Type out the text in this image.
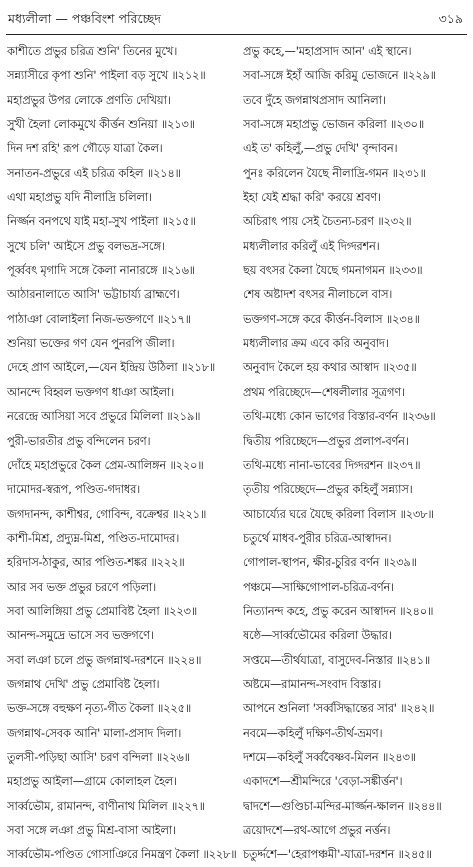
মধ্যলীলা — পঞ্চবিংশ পরিচ্ছেদ	৩১৯
কাশীতে প্রভুর চরিত্র শুনি' তিনের মুখে।
সন্ন্যাসীরে কৃপা শুনি' পাইলা বড় সুখে ॥২১২॥
মহাপ্রভুর উপর লোকে প্রণতি দেখিয়া।
সুখী হৈলা লোকমুখে কীর্ত্তন শুনিয়া ॥২১৩॥
দিন দশ রহি' রূপ গৌড়ে যাত্রা কৈল।
সনাতন-প্রভুরে এই চরিত্র কহিল ॥২১৪॥
এথা মহাপ্রভু যদি নীলাদ্রি চলিলা।
নির্জ্জন বনপথে যাই মহা-সুখ পাইলা ॥২১৫॥
সুখে চলি' আইসে প্রভু বলভদ্র-সঙ্গে।
পূর্ব্ববৎ মৃগাদি সঙ্গে কৈলা নানারঙ্গে ॥২১৬॥
আঠারনালাতে আসি' ভট্টাচার্য্য ব্রাহ্মণে।
পাঠাঞা বোলাইলা নিজ-ভক্তগণে ॥২১৭॥
শুনিয়া ভক্তের গণ যেন পুনরপি জীলা।
দেহে প্রাণ আইলে,—যেন ইন্দ্রিয় উঠিলা ॥২১৮॥
আনন্দে বিহ্বল ভক্তগণ ধাঞা আইলা।
নরেন্দ্রে আসিয়া সবে প্রভুরে মিলিলা ॥২১৯॥
পুরী-ভারতীর প্রভু বন্দিলেন চরণ।
দোঁহে মহাপ্রভুরে কৈল প্রেম-আলিঙ্গন ॥২২০॥
দামোদর-স্বরূপ, পণ্ডিত-গদাধর।
জগদানন্দ, কাশীশ্বর, গোবিন্দ, বক্রেশ্বর ॥২২১॥
কাশী-মিশ্র, প্রদ্যুম্ন-মিশ্র, পণ্ডিত-দামোদর।
হরিদাস-ঠাকুর, আর পণ্ডিত-শঙ্কর ॥২২২॥
আর সব ভক্ত প্রভুর চরণে পড়িলা।
সবা আলিঙ্গিয়া প্রভু প্রেমাবিষ্ট হৈলা ॥২২৩॥
আনন্দ-সমুদ্রে ভাসে সব ভক্তগণে।
সবা লঞা চলে প্রভু জগন্নাথ-দরশনে ॥২২৪॥
জগন্নাথ দেখি' প্রভু প্রেমাবিষ্ট হৈলা।
ভক্ত-সঙ্গে বহুক্ষণ নৃত্য-গীত কৈলা ॥২২৫॥
জগন্নাথ-সেবক আনি' মালা-প্রসাদ দিলা।
তুলসী-পড়িছা আসি' চরণ বন্দিলা ॥২২৬॥
মহাপ্রভু আইলা—গ্রামে কোলাহল হৈল।
সার্ব্বভৌম, রামানন্দ, বাণীনাথ মিলিল ॥২২৭॥
সবা সঙ্গে লঞা প্রভু মিশ্র-বাসা আইলা।
সার্ব্বভৌম-পণ্ডিত গোসাঞিরে নিমন্ত্রণ কৈলা ॥২২৮॥
প্রভু কহে,—'মহাপ্রসাদ আন' এই স্থানে।
সবা-সঙ্গে ইহাঁ আজি করিমু ভোজনে ॥২২৯॥
তবে দুঁহে জগন্নাথপ্রসাদ আনিলা।
সবা-সঙ্গে মহাপ্রভু ভোজন করিলা ॥২৩০॥
এই ত' কহিলুঁ,—প্রভু দেখি' বৃন্দাবন।
পুনঃ করিলেন যৈছে নীলাদ্রি-গমন ॥২৩১॥
ইহা যেই শ্রদ্ধা করি' করয়ে শ্রবণ।
অচিরাৎ পায় সেই চৈতন্য-চরণ ॥২৩২॥
মধ্যলীলার করিলুঁ এই দিগ্দরশন।
ছয় বৎসর কৈলা যৈছে গমনাগমন ॥২৩৩॥
শেষ অষ্টাদশ বৎসর নীলাচলে বাস।
ভক্তগণ-সঙ্গে করে কীর্ত্তন-বিলাস ॥২৩৪॥
মধ্যলীলার ক্রম এবে করি অনুবাদ।
অনুবাদ কৈলে হয় কথার আস্বাদ ॥২৩৫॥
প্রথম পরিচ্ছেদে—শেষলীলার সূত্রগণ।
তথি-মধ্যে কোন ভাগের বিস্তার-বর্ণন ॥২৩৬॥
দ্বিতীয় পরিচ্ছেদে—প্রভুর প্রলাপ-বর্ণন।
তথি-মধ্যে নানা-ভাবের দিগ্দরশন ॥২৩৭॥
তৃতীয় পরিচ্ছেদে—প্রভুর কহিলুঁ সন্ন্যাস।
আচার্য্যের ঘরে যৈছে করিলা বিলাস ॥২৩৮॥
চতুর্থে মাধব-পুরীর চরিত্র-আস্বাদন।
গোপাল-স্থাপন, ক্ষীর-চুরির বর্ণন ॥২৩৯॥
পঞ্চমে—সাক্ষিগোপাল-চরিত্র-বর্ণন।
নিত্যানন্দ কহে, প্রভু করেন আস্বাদন ॥২৪০॥
ষষ্ঠে—সার্ব্বভৌমের করিলা উদ্ধার।
সপ্তমে—তীর্থযাত্রা, বাসুদেব-নিস্তার ॥২৪১॥
অষ্টমে—রামানন্দ-সংবাদ বিস্তার।
আপনে শুনিলা 'সর্ব্বসিদ্ধান্তের সার' ॥২৪২॥
নবমে—কহিলুঁ দক্ষিণ-তীর্থ-ভ্রমণ।
দশমে—কহিলুঁ সর্ব্ববৈষ্ণব-মিলন ॥২৪৩॥
একাদশে—শ্রীমন্দিরে 'বেড়া-সঙ্কীর্ত্তন'।
দ্বাদশে—গুণ্ডিচা-মন্দির-মার্জ্জন-ক্ষালন ॥২৪৪॥
ত্রয়োদশে—রথ-আগে প্রভুর নর্ত্তন।
চতুর্দ্দশে—'হেরাপঞ্চমী'-যাত্রা-দরশন ॥২৪৫॥
